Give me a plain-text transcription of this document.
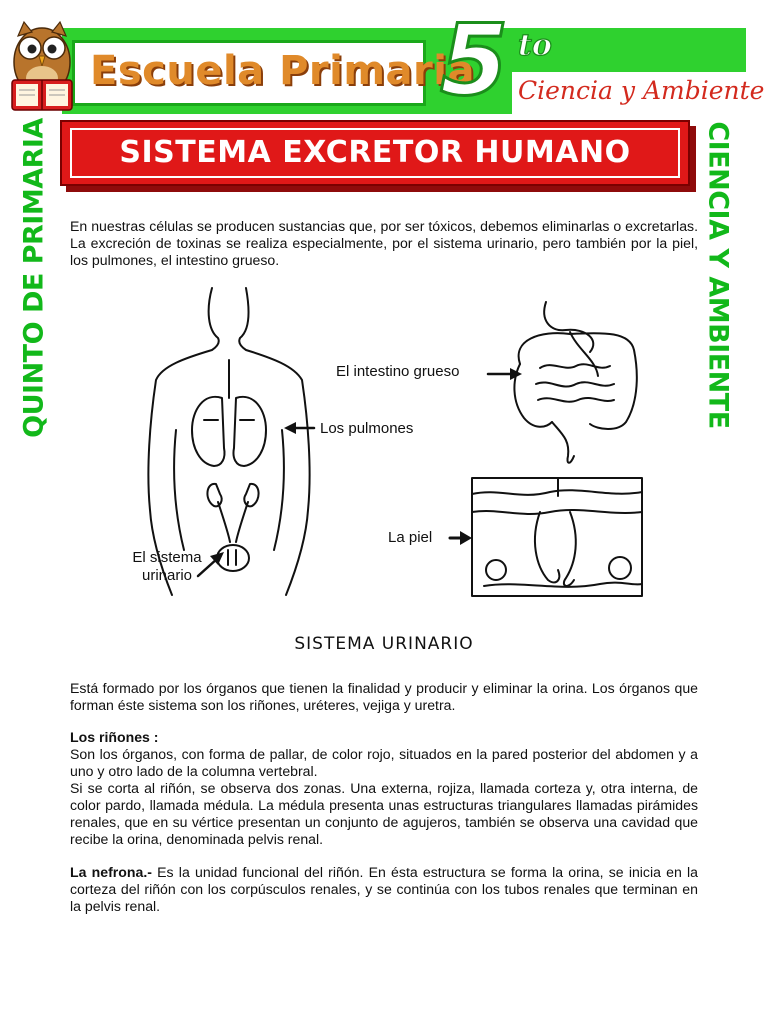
Escuela Primaria
5 to
Ciencia y Ambiente
QUINTO DE PRIMARIA	CIENCIA Y AMBIENTE
SISTEMA EXCRETOR HUMANO
En nuestras células se producen sustancias que, por ser tóxicos, debemos eliminarlas o excretarlas. La excreción de toxinas se realiza especialmente, por el sistema urinario, pero también por la piel, los pulmones, el intestino grueso.
El intestino grueso
Los pulmones
La piel
El sistema urinario
SISTEMA URINARIO
Está formado por los órganos que tienen la finalidad y producir y eliminar la orina. Los órganos que forman éste sistema son los riñones, uréteres, vejiga y uretra.
Los riñones :
Son los órganos, con forma de pallar, de color rojo, situados en la pared posterior del abdomen y a uno y otro lado de la columna vertebral.
Si se corta al riñón, se observa dos zonas. Una externa, rojiza, llamada corteza y, otra interna, de color pardo, llamada médula. La médula presenta unas estructuras triangulares llamadas pirámides renales, que en su vértice presentan un conjunto de agujeros, también se observa una cavidad que recibe la orina, denominada pelvis renal.
La nefrona.- Es la unidad funcional del riñón. En ésta estructura se forma la orina, se inicia en la corteza del riñón con los corpúsculos renales, y se continúa con los tubos renales que terminan en la pelvis renal.
